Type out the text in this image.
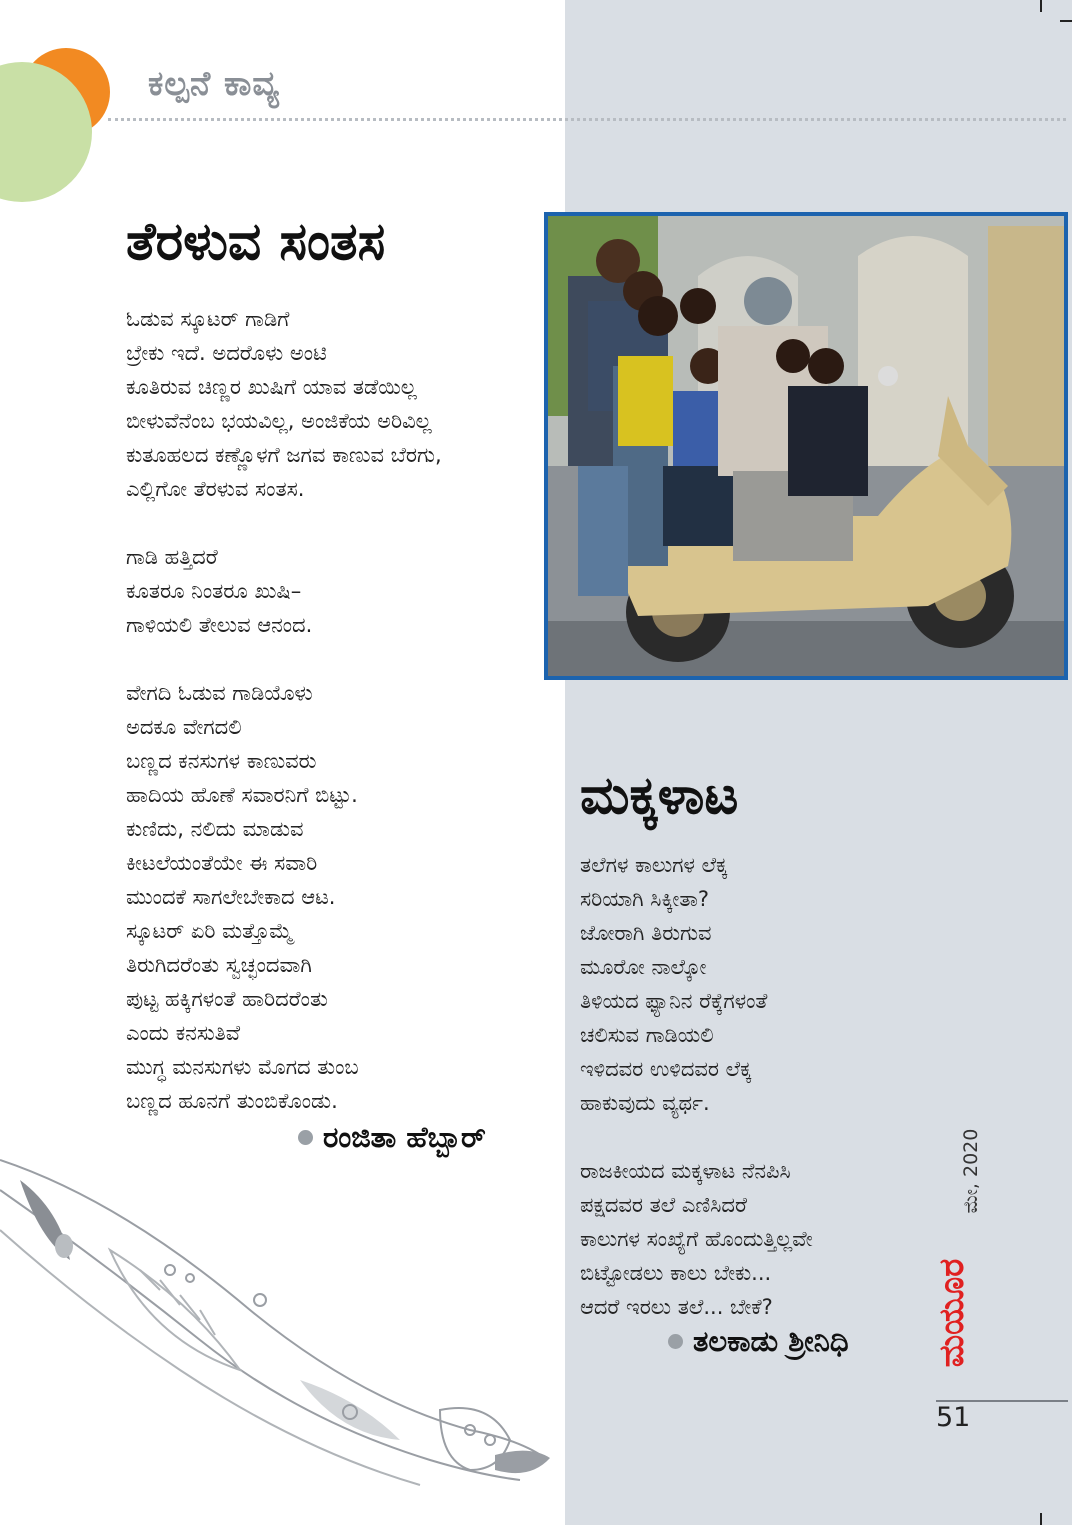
ಕಲ್ಪನೆ ಕಾವ್ಯ
ತೆರಳುವ ಸಂತಸ
ಓಡುವ ಸ್ಕೂಟರ್ ಗಾಡಿಗೆ
ಬ್ರೇಕು ಇದೆ. ಅದರೊಳು ಅಂಟಿ
ಕೂತಿರುವ ಚಿಣ್ಣರ ಖುಷಿಗೆ ಯಾವ ತಡೆಯಿಲ್ಲ
ಬೀಳುವೆನೆಂಬ ಭಯವಿಲ್ಲ, ಅಂಜಿಕೆಯ ಅರಿವಿಲ್ಲ
ಕುತೂಹಲದ ಕಣ್ಣೊಳಗೆ ಜಗವ ಕಾಣುವ ಬೆರಗು,
ಎಲ್ಲಿಗೋ ತೆರಳುವ ಸಂತಸ.
ಗಾಡಿ ಹತ್ತಿದರೆ
ಕೂತರೂ ನಿಂತರೂ ಖುಷಿ–
ಗಾಳಿಯಲಿ ತೇಲುವ ಆನಂದ.
ವೇಗದಿ ಓಡುವ ಗಾಡಿಯೊಳು
ಅದಕೂ ವೇಗದಲಿ
ಬಣ್ಣದ ಕನಸುಗಳ ಕಾಣುವರು
ಹಾದಿಯ ಹೊಣೆ ಸವಾರನಿಗೆ ಬಿಟ್ಟು.
ಕುಣಿದು, ನಲಿದು ಮಾಡುವ
ಕೀಟಲೆಯಂತೆಯೇ ಈ ಸವಾರಿ
ಮುಂದಕೆ ಸಾಗಲೇಬೇಕಾದ ಆಟ.
ಸ್ಕೂಟರ್ ಏರಿ ಮತ್ತೊಮ್ಮೆ
ತಿರುಗಿದರೆಂತು ಸ್ವಚ್ಛಂದವಾಗಿ
ಪುಟ್ಟ ಹಕ್ಕಿಗಳಂತೆ ಹಾರಿದರೆಂತು
ಎಂದು ಕನಸುತಿವೆ
ಮುಗ್ಧ ಮನಸುಗಳು ಮೊಗದ ತುಂಬ
ಬಣ್ಣದ ಹೂನಗೆ ತುಂಬಿಕೊಂಡು.
ರಂಜಿತಾ ಹೆಬ್ಬಾರ್
ಮಕ್ಕಳಾಟ
ತಲೆಗಳ ಕಾಲುಗಳ ಲೆಕ್ಕ
ಸರಿಯಾಗಿ ಸಿಕ್ಕೀತಾ?
ಜೋರಾಗಿ ತಿರುಗುವ
ಮೂರೋ ನಾಲ್ಕೋ
ತಿಳಿಯದ ಫ್ಯಾನಿನ ರೆಕ್ಕೆಗಳಂತೆ
ಚಲಿಸುವ ಗಾಡಿಯಲಿ
ಇಳಿದವರ ಉಳಿದವರ ಲೆಕ್ಕ
ಹಾಕುವುದು ವ್ಯರ್ಥ.
ರಾಜಕೀಯದ ಮಕ್ಕಳಾಟ ನೆನಪಿಸಿ
ಪಕ್ಷದವರ ತಲೆ ಎಣಿಸಿದರೆ
ಕಾಲುಗಳ ಸಂಖ್ಯೆಗೆ ಹೊಂದುತ್ತಿಲ್ಲವೇ
ಬಿಟ್ಟೋಡಲು ಕಾಲು ಬೇಕು...
ಆದರೆ ಇರಲು ತಲೆ... ಬೇಕೆ?
ತಲಕಾಡು ಶ್ರೀನಿಧಿ
ಮೇ, 2020
ಮಯೂರ
51
